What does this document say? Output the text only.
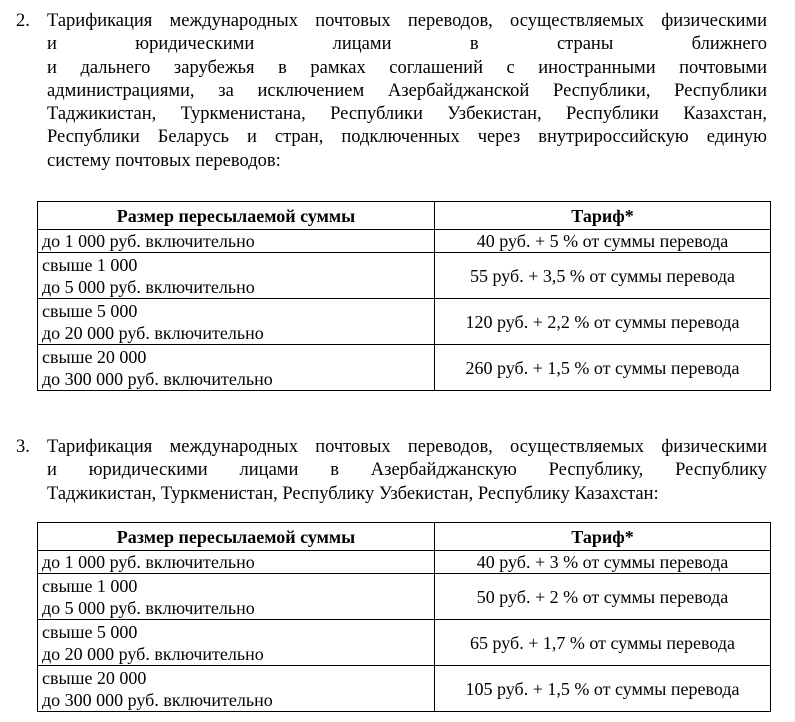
2. Тарификация международных почтовых переводов, осуществляемых физическими
и юридическими лицами в страны ближнего
и дальнего зарубежья в рамках соглашений с иностранными почтовыми
администрациями, за исключением Азербайджанской Республики, Республики
Таджикистан, Туркменистана, Республики Узбекистан, Республики Казахстан,
Республики Беларусь и стран, подключенных через внутрироссийскую единую
систему почтовых переводов:
Размер пересылаемой суммы	Тариф*
до 1 000 руб. включительно	40 руб. + 5 % от суммы перевода
свыше 1 000
до 5 000 руб. включительно	55 руб. + 3,5 % от суммы перевода
свыше 5 000
до 20 000 руб. включительно	120 руб. + 2,2 % от суммы перевода
свыше 20 000
до 300 000 руб. включительно	260 руб. + 1,5 % от суммы перевода
3. Тарификация международных почтовых переводов, осуществляемых физическими
и юридическими лицами в Азербайджанскую Республику, Республику
Таджикистан, Туркменистан, Республику Узбекистан, Республику Казахстан:
Размер пересылаемой суммы	Тариф*
до 1 000 руб. включительно	40 руб. + 3 % от суммы перевода
свыше 1 000
до 5 000 руб. включительно	50 руб. + 2 % от суммы перевода
свыше 5 000
до 20 000 руб. включительно	65 руб. + 1,7 % от суммы перевода
свыше 20 000
до 300 000 руб. включительно	105 руб. + 1,5 % от суммы перевода
